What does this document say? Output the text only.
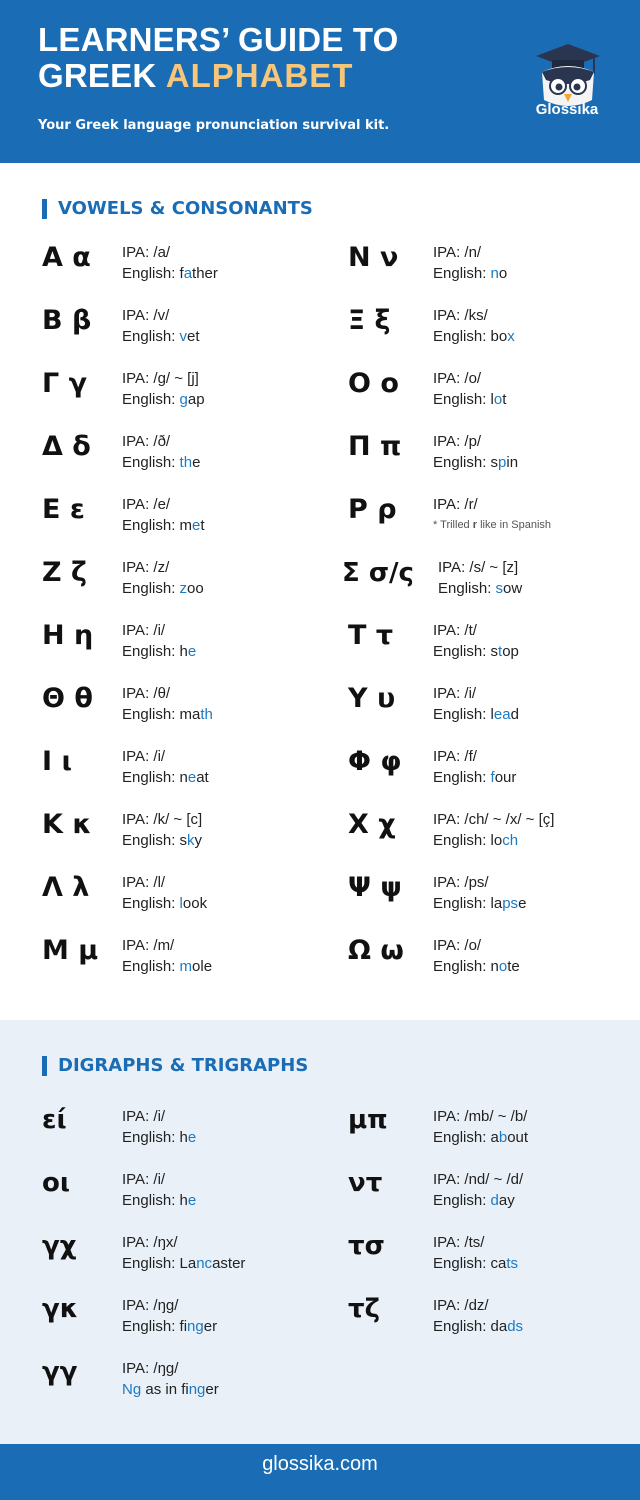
LEARNERS’ GUIDE TO
GREEK ALPHABET
Your Greek language pronunciation survival kit.
Glossika
VOWELS & CONSONANTS
Α α IPA: /a/
English: father
Β β IPA: /v/
English: vet
Γ γ IPA: /g/ ~ [j]
English: gap
Δ δ IPA: /ð/
English: the
Ε ε IPA: /e/
English: met
Ζ ζ IPA: /z/
English: zoo
Η η IPA: /i/
English: he
Θ θ IPA: /θ/
English: math
Ι ι	IPA: /i/
English: neat
Κ κ IPA: /k/ ~ [c]
English: sky
Λ λ IPA: /l/
English: look
Μ μ IPA: /m/
English: mole
Ν ν IPA: /n/
English: no
Ξ ξ	IPA: /ks/
English: box
Ο ο IPA: /o/
English: lot
Π π IPA: /p/
English: spin
Ρ ρ IPA: /r/
* Trilled r like in Spanish
Σ σ/ς IPA: /s/ ~ [z]
English: sow
Τ τ	IPA: /t/
English: stop
Υ υ	IPA: /i/
English: lead
Φ φ IPA: /f/
English: four
Χ χ IPA: /ch/ ~ /x/ ~ [ç]
English: loch
Ψ ψ IPA: /ps/
English: lapse
Ω ω IPA: /o/
English: note
DIGRAPHS & TRIGRAPHS
εί	IPA: /i/
English: he
οι	IPA: /i/
English: he
γχ	IPA: /ŋx/
English: Lancaster
γκ	IPA: /ŋg/
English: finger
γγ	IPA: /ŋg/
Ng as in finger
μπ	IPA: /mb/ ~ /b/
English: about
ντ	IPA: /nd/ ~ /d/
English: day
τσ	IPA: /ts/
English: cats
τζ	IPA: /dz/
English: dads
glossika.com
